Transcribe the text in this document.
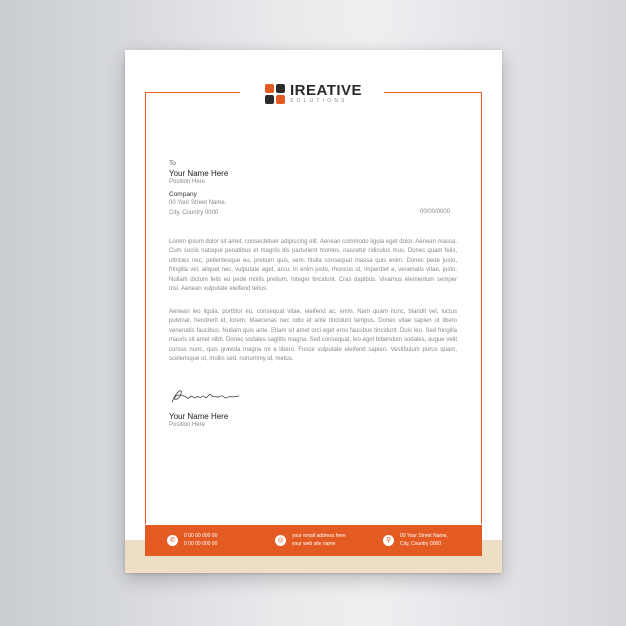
IREATIVE
SOLUTIONS
To
Your Name Here
Position Here
Company
00 Your Street Name,
City, Country 0000	00/00/0000
Lorem ipsum dolor sit amet, consectetuer adipiscing elit. Aenean commodo ligula eget dolor. Aenean massa. Cum sociis natoque penatibus et magnis dis parturient montes, nascetur ridiculus mus. Donec quam felis, ultricies nec, pellentesque eu, pretium quis, sem. Nulla consequat massa quis enim. Donec pede justo, fringilla vel, aliquet nec, vulputate eget, arcu. In enim justo, rhoncus ut, imperdiet a, venenatis vitae, justo. Nullam dictum felis eu pede mollis pretium. Integer tincidunt. Cras dapibus. Vivamus elementum semper nisi. Aenean vulputate eleifend tellus.
Aenean leo ligula, porttitor eu, consequat vitae, eleifend ac, enim. Nam quam nunc, blandit vel, luctus pulvinar, hendrerit id, lorem. Maecenas nec odio et ante tincidunt tempus. Donec vitae sapien ut libero venenatis faucibus. Nullam quis ante. Etiam sit amet orci eget eros faucibus tincidunt. Duis leo. Sed fringilla mauris sit amet nibh. Donec sodales sagittis magna. Sed consequat, leo eget bibendum sodales, augue velit cursus nunc, quis gravida magna mi a libero. Fusce vulputate eleifend sapien. Vestibulum purus quam, scelerisque ut, mollis sed, nonummy id, metus.
Your Name Here
Position Here
✆
0 00 00 000 00
0 00 00 000 00	◎
your email address here
your web site name	⚲
00 Your Street Name,
City, Country 0000
